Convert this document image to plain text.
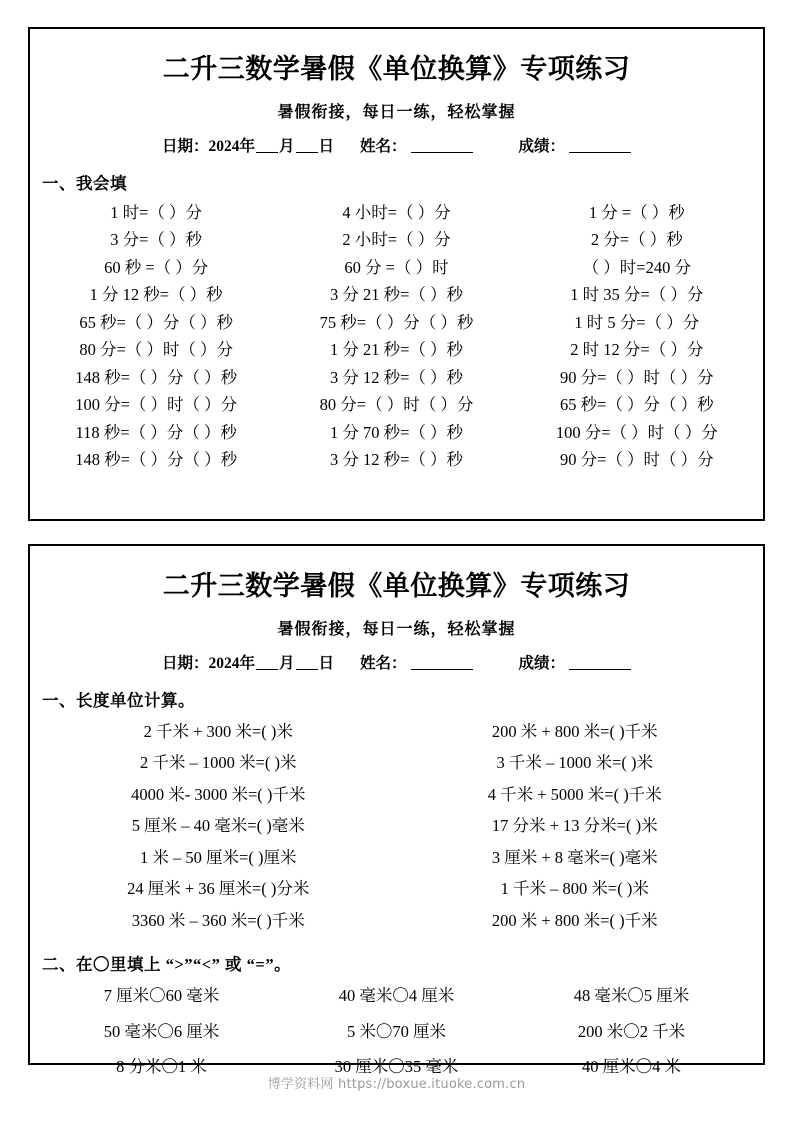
二升三数学暑假《单位换算》专项练习
暑假衔接，每日一练，轻松掌握
日期：2024年 月 日 姓名：	成绩：
一、我会填
1 时=（ ）分	4 小时=（ ）分	1 分 =（ ）秒
3 分=（ ）秒	2 小时=（ ）分	2 分=（ ）秒
60 秒 =（ ）分	60 分 =（ ）时	（ ）时=240 分
1 分 12 秒=（ ）秒	3 分 21 秒=（ ）秒	1 时 35 分=（ ）分
65 秒=（ ）分（ ）秒	75 秒=（ ）分（ ）秒	1 时 5 分=（ ）分
80 分=（ ）时（ ）分	1 分 21 秒=（ ）秒	2 时 12 分=（ ）分
148 秒=（ ）分（ ）秒	3 分 12 秒=（ ）秒	90 分=（ ）时（ ）分
100 分=（ ）时（ ）分	80 分=（ ）时（ ）分	65 秒=（ ）分（ ）秒
118 秒=（ ）分（ ）秒	1 分 70 秒=（ ）秒	100 分=（ ）时（ ）分
148 秒=（ ）分（ ）秒	3 分 12 秒=（ ）秒	90 分=（ ）时（ ）分
二升三数学暑假《单位换算》专项练习
暑假衔接，每日一练，轻松掌握
日期：2024年 月 日 姓名：	成绩：
一、长度单位计算。
2 千米 + 300 米=( )米	200 米 + 800 米=( )千米
2 千米 – 1000 米=( )米	3 千米 – 1000 米=( )米
4000 米- 3000 米=( )千米	4 千米 + 5000 米=( )千米
5 厘米 – 40 毫米=( )毫米	17 分米 + 13 分米=( )米
1 米 – 50 厘米=( )厘米	3 厘米 + 8 毫米=( )毫米
24 厘米 + 36 厘米=( )分米	1 千米 – 800 米=( )米
3360 米 – 360 米=( )千米	200 米 + 800 米=( )千米
二、在〇里填上 “>”“<” 或 “=”。
7 厘米〇60 毫米	40 毫米〇4 厘米	48 毫米〇5 厘米
50 毫米〇6 厘米	5 米〇70 厘米	200 米〇2 千米
8 分米〇1 米	30 厘米〇35 毫米	40 厘米〇4 米
博学资料网 https://boxue.ituoke.com.cn
